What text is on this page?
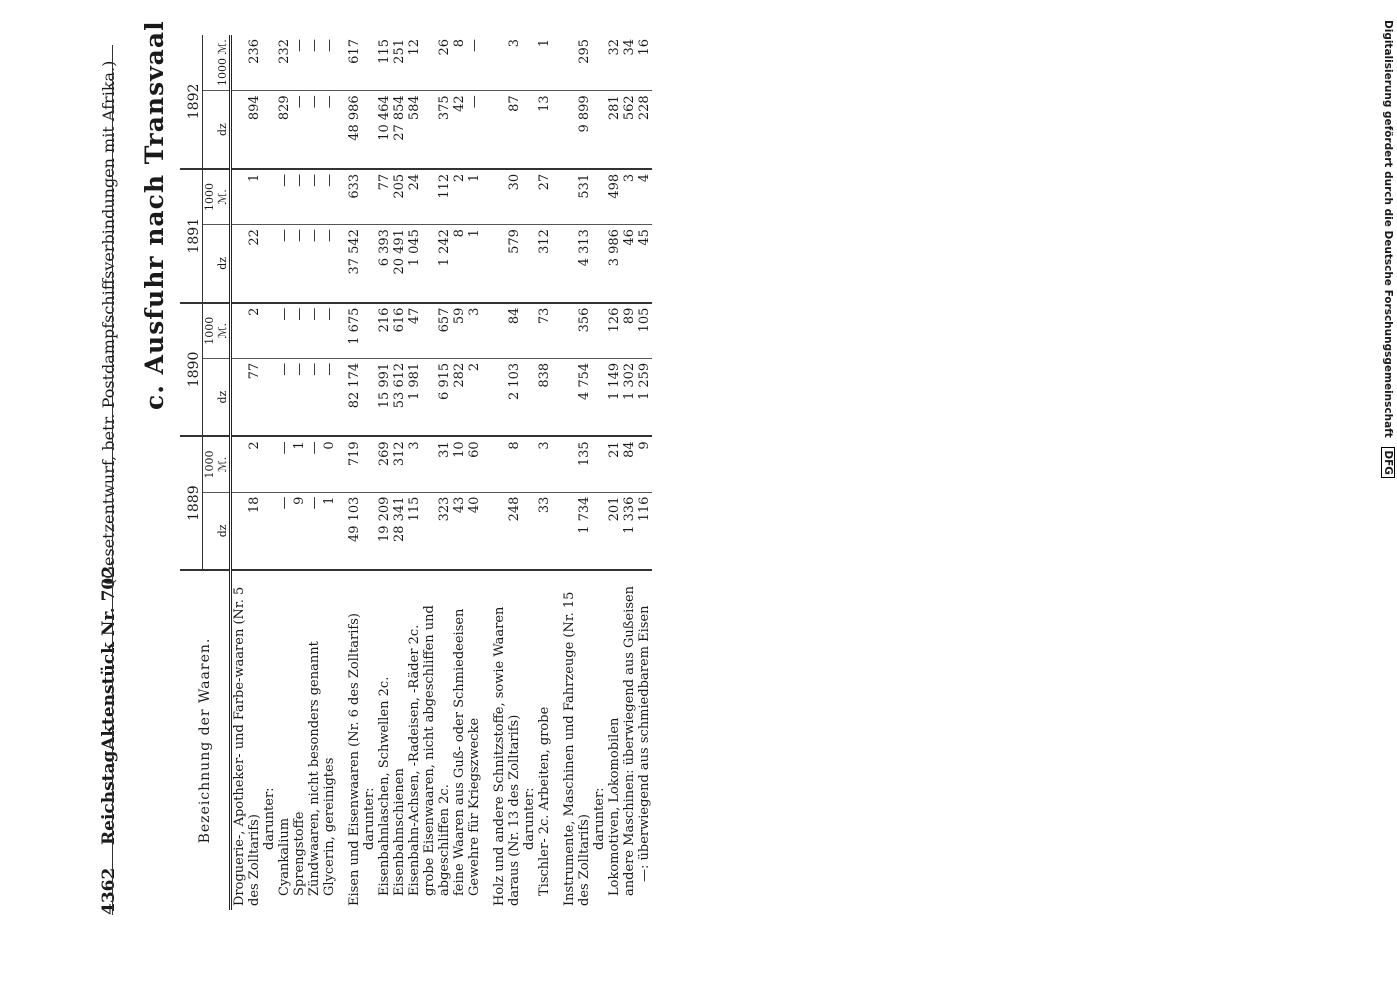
4362
Reichstag.
Aktenstück Nr. 702.
(Gesetzentwurf, betr. Postdampfschiffsverbindungen mit Afrika.) c. Ausfuhr nach Transvaal
Bezeichnung der Waaren.	1889		1890		1891		1892	
	dz	1000 ℳ.	dz	1000 ℳ.	dz	1000 ℳ.	dz	1000 ℳ.
Droguerie-, Apotheker- und Farbe-waaren (Nr. 5 des Zolltarifs)	18	2	77	2	22	1	894	236
darunter:								
Cyankalium	—	—	—	—	—	—	829	232
Sprengstoffe	9	1	—	—	—	—	—	—
Zündwaaren, nicht besonders genannt	—	—	—	—	—	—	—	—
Glycerin, gereinigtes	1	0	—	—	—	—	—	—
Eisen und Eisenwaaren (Nr. 6 des Zolltarifs)	49 103	719	82 174	1 675	37 542	633	48 986	617
darunter:								
Eisenbahnlaschen, Schwellen 2c.	19 209	269	15 991	216	6 393	77	10 464	115
Eisenbahnschienen	28 341	312	53 612	616	20 491	205	27 854	251
Eisenbahn-Achsen, -Radeisen, -Räder 2c.	115	3	1 981	47	1 045	24	584	12
grobe Eisenwaaren, nicht abgeschliffen und abgeschliffen 2c.	323	31	6 915	657	1 242	112	375	26
feine Waaren aus Guß- oder Schmiedeeisen	43	10	282	59	8	2	42	8
Gewehre für Kriegszwecke	40	60	2	3	1	1	—	—
Holz und andere Schnitzstoffe, sowie Waaren daraus (Nr. 13 des Zolltarifs)	248	8	2 103	84	579	30	87	3
darunter:								
Tischler- 2c. Arbeiten, grobe	33	3	838	73	312	27	13	1
Instrumente, Maschinen und Fahrzeuge (Nr. 15 des Zolltarifs)	1 734	135	4 754	356	4 313	531	9 899	295
darunter:								
Lokomotiven, Lokomobilen	201	21	1 149	126	3 986	498	281	32
andere Maschinen: überwiegend aus Gußeisen	1 336	84	1 302	89	46	3	562	34
—: überwiegend aus schmiedbarem Eisen	116	9	1 259	105	45	4	228	16	Digitalisierung gefördert durch die Deutsche Forschungsgemeinschaft DFG
